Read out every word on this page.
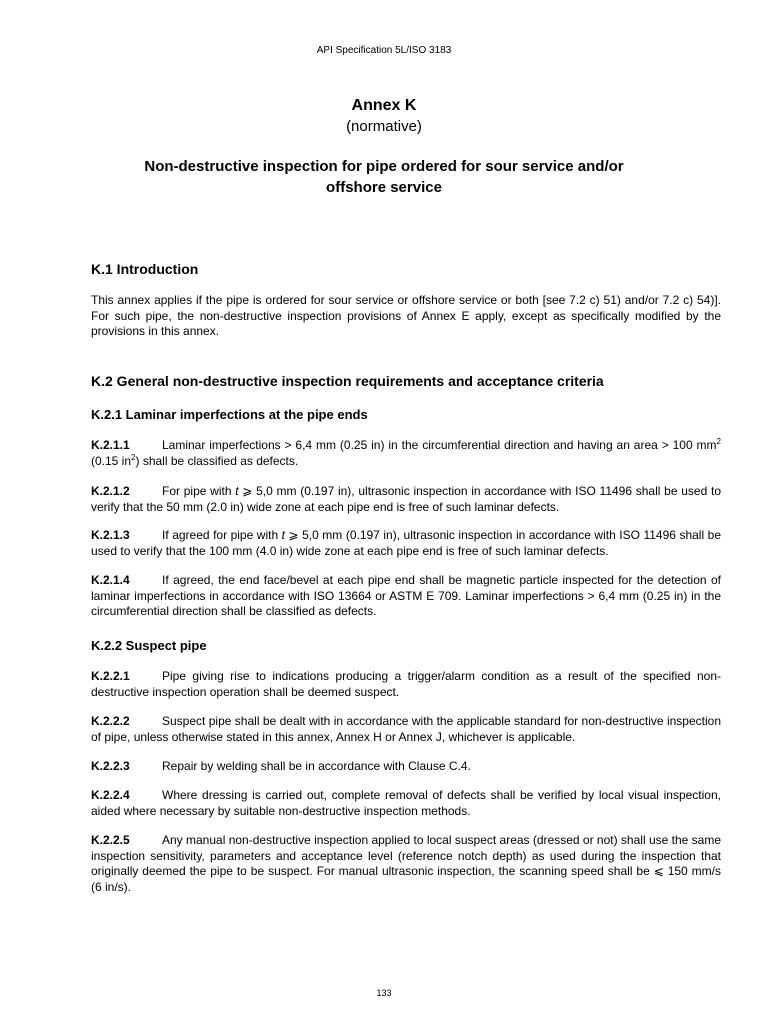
API Specification 5L/ISO 3183
Annex K
(normative)
Non-destructive inspection for pipe ordered for sour service and/or
offshore service
K.1 Introduction
This annex applies if the pipe is ordered for sour service or offshore service or both [see 7.2 c) 51) and/or 7.2 c) 54)]. For such pipe, the non-destructive inspection provisions of Annex E apply, except as specifically modified by the provisions in this annex.
K.2 General non-destructive inspection requirements and acceptance criteria
K.2.1 Laminar imperfections at the pipe ends
K.2.1.1	Laminar imperfections > 6,4 mm (0.25 in) in the circumferential direction and having an area > 100 $mm^2$ (0.15 $in^2$) shall be classified as defects.
K.2.1.2	For pipe with t ⩾ 5,0 mm (0.197 in), ultrasonic inspection in accordance with ISO 11496 shall be used to verify that the 50 mm (2.0 in) wide zone at each pipe end is free of such laminar defects.
K.2.1.3	If agreed for pipe with t ⩾ 5,0 mm (0.197 in), ultrasonic inspection in accordance with ISO 11496 shall be used to verify that the 100 mm (4.0 in) wide zone at each pipe end is free of such laminar defects.
K.2.1.4	If agreed, the end face/bevel at each pipe end shall be magnetic particle inspected for the detection of laminar imperfections in accordance with ISO 13664 or ASTM E 709. Laminar imperfections > 6,4 mm (0.25 in) in the circumferential direction shall be classified as defects.
K.2.2 Suspect pipe
K.2.2.1	Pipe giving rise to indications producing a trigger/alarm condition as a result of the specified non-destructive inspection operation shall be deemed suspect.
K.2.2.2	Suspect pipe shall be dealt with in accordance with the applicable standard for non-destructive inspection of pipe, unless otherwise stated in this annex, Annex H or Annex J, whichever is applicable.
K.2.2.3	Repair by welding shall be in accordance with Clause C.4.
K.2.2.4	Where dressing is carried out, complete removal of defects shall be verified by local visual inspection, aided where necessary by suitable non-destructive inspection methods.
K.2.2.5	Any manual non-destructive inspection applied to local suspect areas (dressed or not) shall use the same inspection sensitivity, parameters and acceptance level (reference notch depth) as used during the inspection that originally deemed the pipe to be suspect. For manual ultrasonic inspection, the scanning speed shall be ⩽ 150 mm/s (6 in/s).
133
